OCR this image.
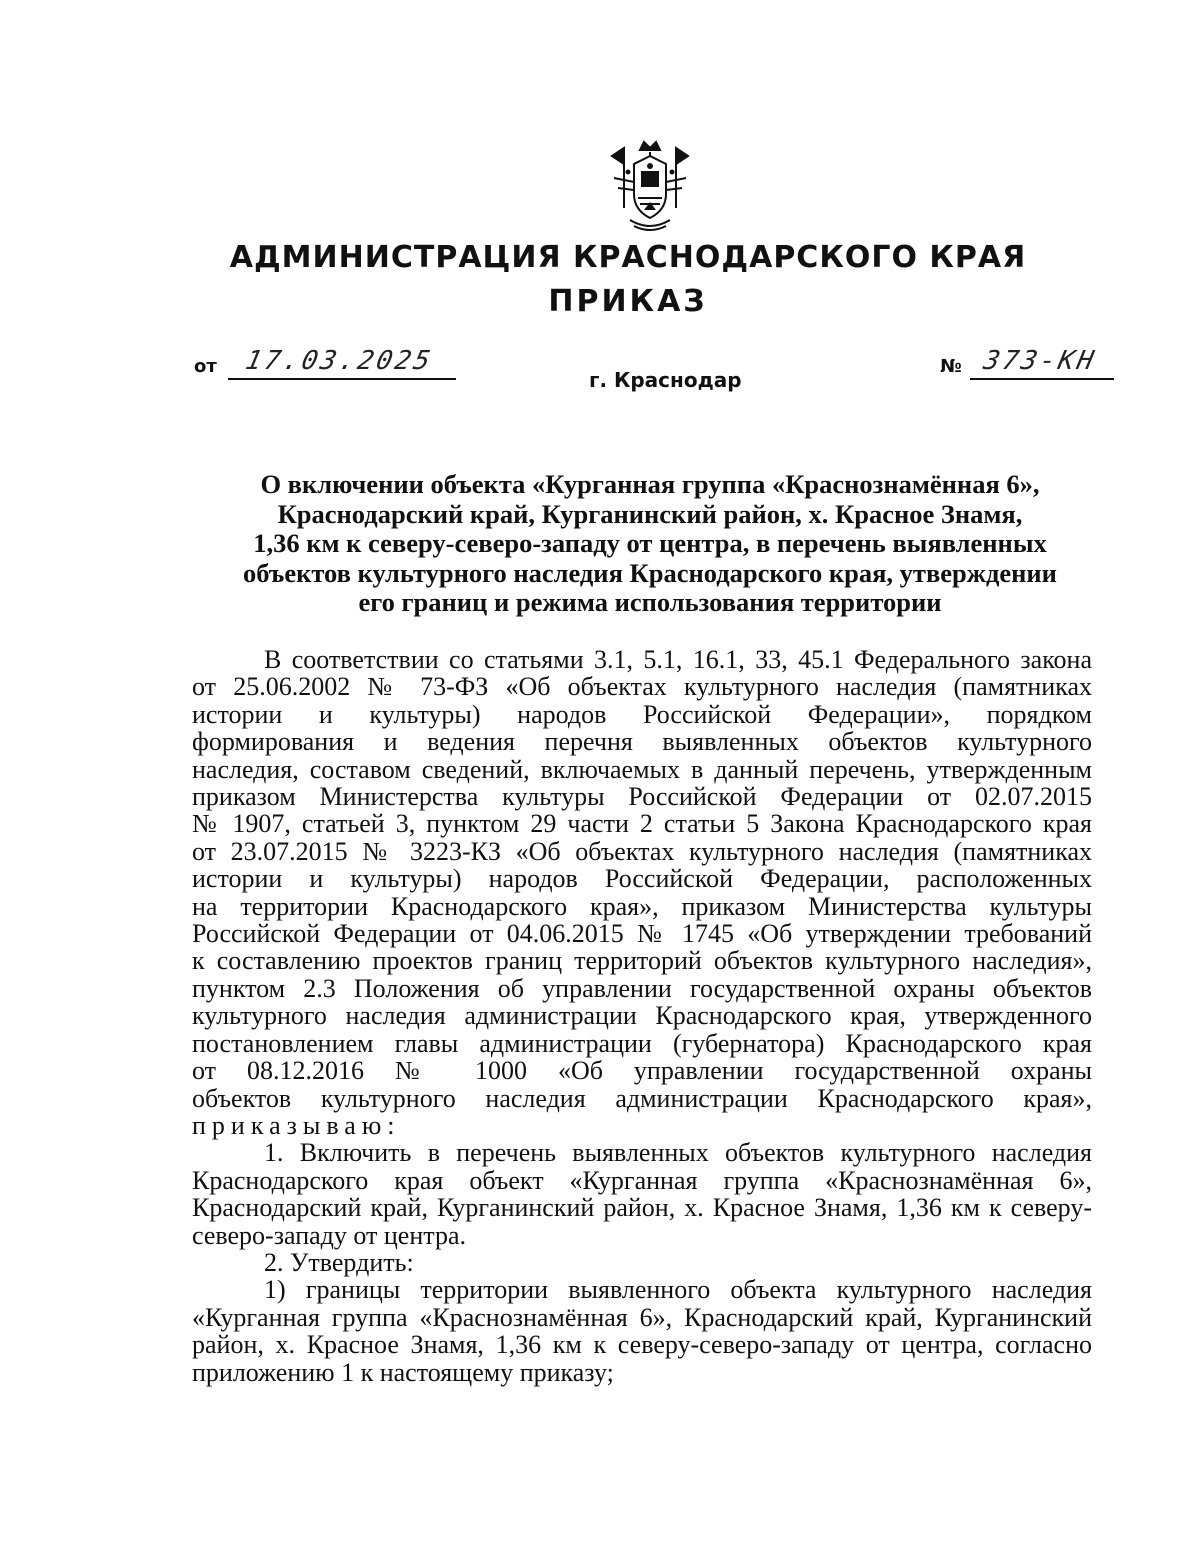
АДМИНИСТРАЦИЯ КРАСНОДАРСКОГО КРАЯ
ПРИКАЗ
от 17.03.2025	№ 373-КН
г. Краснодар
О включении объекта «Курганная группа «Краснознамённая 6»,
Краснодарский край, Курганинский район, х. Красное Знамя,
1,36 км к северу-северо-западу от центра, в перечень выявленных
объектов культурного наследия Краснодарского края, утверждении
его границ и режима использования территории
В соответствии со статьями 3.1, 5.1, 16.1, 33, 45.1 Федерального закона
от 25.06.2002 № 73-ФЗ «Об объектах культурного наследия (памятниках
истории и культуры) народов Российской Федерации», порядком
формирования и ведения перечня выявленных объектов культурного
наследия, составом сведений, включаемых в данный перечень, утвержденным
приказом Министерства культуры Российской Федерации от 02.07.2015
№ 1907, статьей 3, пунктом 29 части 2 статьи 5 Закона Краснодарского края
от 23.07.2015 № 3223-КЗ «Об объектах культурного наследия (памятниках
истории и культуры) народов Российской Федерации, расположенных
на территории Краснодарского края», приказом Министерства культуры
Российской Федерации от 04.06.2015 № 1745 «Об утверждении требований
к составлению проектов границ территорий объектов культурного наследия»,
пунктом 2.3 Положения об управлении государственной охраны объектов
культурного наследия администрации Краснодарского края, утвержденного
постановлением главы администрации (губернатора) Краснодарского края
от 08.12.2016 № 1000 «Об управлении государственной охраны
объектов культурного наследия администрации Краснодарского края»,
приказываю:
1. Включить в перечень выявленных объектов культурного наследия
Краснодарского края объект «Курганная группа «Краснознамённая 6»,
Краснодарский край, Курганинский район, х. Красное Знамя, 1,36 км к северу-
северо-западу от центра.
2. Утвердить:
1) границы территории выявленного объекта культурного наследия
«Курганная группа «Краснознамённая 6», Краснодарский край, Курганинский
район, х. Красное Знамя, 1,36 км к северу-северо-западу от центра, согласно
приложению 1 к настоящему приказу;
